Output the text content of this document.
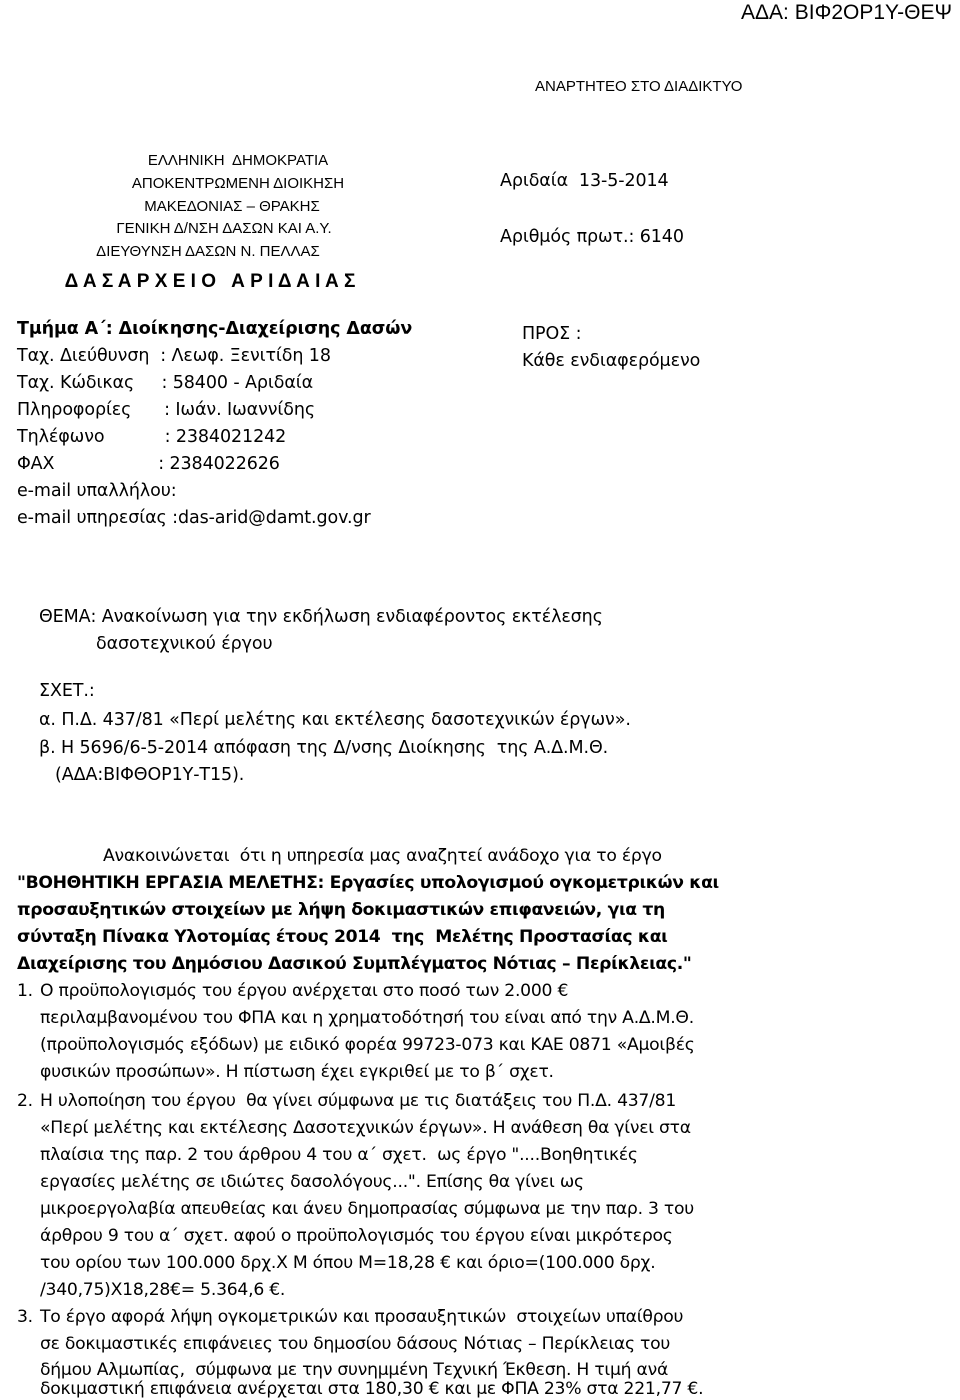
ΑΔΑ: ΒΙΦ2ΟΡ1Υ-ΘΕΨ
ΑΝΑΡΤΗΤΕΟ ΣΤΟ ΔΙΑΔΙΚΤΥΟ
ΕΛΛΗΝΙΚΗ  ΔΗΜΟΚΡΑΤΙΑ
ΑΠΟΚΕΝΤΡΩΜΕΝΗ ΔΙΟΙΚΗΣΗ
ΜΑΚΕΔΟΝΙΑΣ – ΘΡΑΚΗΣ
ΓΕΝΙΚΗ Δ/ΝΣΗ ΔΑΣΩΝ ΚΑΙ Α.Υ.
ΔΙΕΥΘΥΝΣΗ ΔΑΣΩΝ Ν. ΠΕΛΛΑΣ
Δ Α Σ Α Ρ Χ Ε Ι Ο   Α Ρ Ι Δ Α Ι Α Σ
Τμήμα Α΄: Διοίκησης-Διαχείρισης Δασών
Ταχ. Διεύθυνση  : Λεωφ. Ξενιτίδη 18
Ταχ. Κώδικας     : 58400 - Αριδαία
Πληροφορίες      : Ιωάν. Ιωαννίδης
Τηλέφωνο           : 2384021242
ΦΑΧ                   : 2384022626
e-mail υπαλλήλου:
e-mail υπηρεσίας :das-arid@damt.gov.gr
Αριδαία  13-5-2014
Αριθμός πρωτ.: 6140
ΠΡΟΣ :
Κάθε ενδιαφερόμενο
ΘΕΜΑ: Ανακοίνωση για την εκδήλωση ενδιαφέροντος εκτέλεσης
δασοτεχνικού έργου
ΣΧΕΤ.:
α. Π.Δ. 437/81 «Περί μελέτης και εκτέλεσης δασοτεχνικών έργων».
β. Η 5696/6-5-2014 απόφαση της Δ/νσης Διοίκησης  της Α.Δ.Μ.Θ.
(ΑΔΑ:ΒΙΦΘΟΡ1Υ-Τ15).
Ανακοινώνεται  ότι η υπηρεσία μας αναζητεί ανάδοχο για το έργο
"ΒΟΗΘΗΤΙΚΗ ΕΡΓΑΣΙΑ ΜΕΛΕΤΗΣ: Εργασίες υπολογισμού ογκομετρικών και
προσαυξητικών στοιχείων με λήψη δοκιμαστικών επιφανειών, για τη
σύνταξη Πίνακα Υλοτομίας έτους 2014  της  Μελέτης Προστασίας και
Διαχείρισης του Δημόσιου Δασικού Συμπλέγματος Νότιας – Περίκλειας."
1. Ο προϋπολογισμός του έργου ανέρχεται στο ποσό των 2.000 €
περιλαμβανομένου του ΦΠΑ και η χρηματοδότησή του είναι από την Α.Δ.Μ.Θ.
(προϋπολογισμός εξόδων) με ειδικό φορέα 99723-073 και ΚΑΕ 0871 «Αμοιβές
φυσικών προσώπων». Η πίστωση έχει εγκριθεί με το β΄ σχετ.
2. Η υλοποίηση του έργου  θα γίνει σύμφωνα με τις διατάξεις του Π.Δ. 437/81
«Περί μελέτης και εκτέλεσης Δασοτεχνικών έργων». Η ανάθεση θα γίνει στα
πλαίσια της παρ. 2 του άρθρου 4 του α΄ σχετ.  ως έργο "....Βοηθητικές
εργασίες μελέτης σε ιδιώτες δασολόγους...". Επίσης θα γίνει ως
μικροεργολαβία απευθείας και άνευ δημοπρασίας σύμφωνα με την παρ. 3 του
άρθρου 9 του α΄ σχετ. αφού ο προϋπολογισμός του έργου είναι μικρότερος
του ορίου των 100.000 δρχ.Χ Μ όπου Μ=18,28 € και όριο=(100.000 δρχ.
/340,75)Χ18,28€= 5.364,6 €.
3. Το έργο αφορά λήψη ογκομετρικών και προσαυξητικών  στοιχείων υπαίθρου
σε δοκιμαστικές επιφάνειες του δημοσίου δάσους Νότιας – Περίκλειας του
δήμου Αλμωπίας,  σύμφωνα με την συνημμένη Τεχνική Έκθεση. Η τιμή ανά
δοκιμαστική επιφάνεια ανέρχεται στα 180,30 € και με ΦΠΑ 23% στα 221,77 €.
